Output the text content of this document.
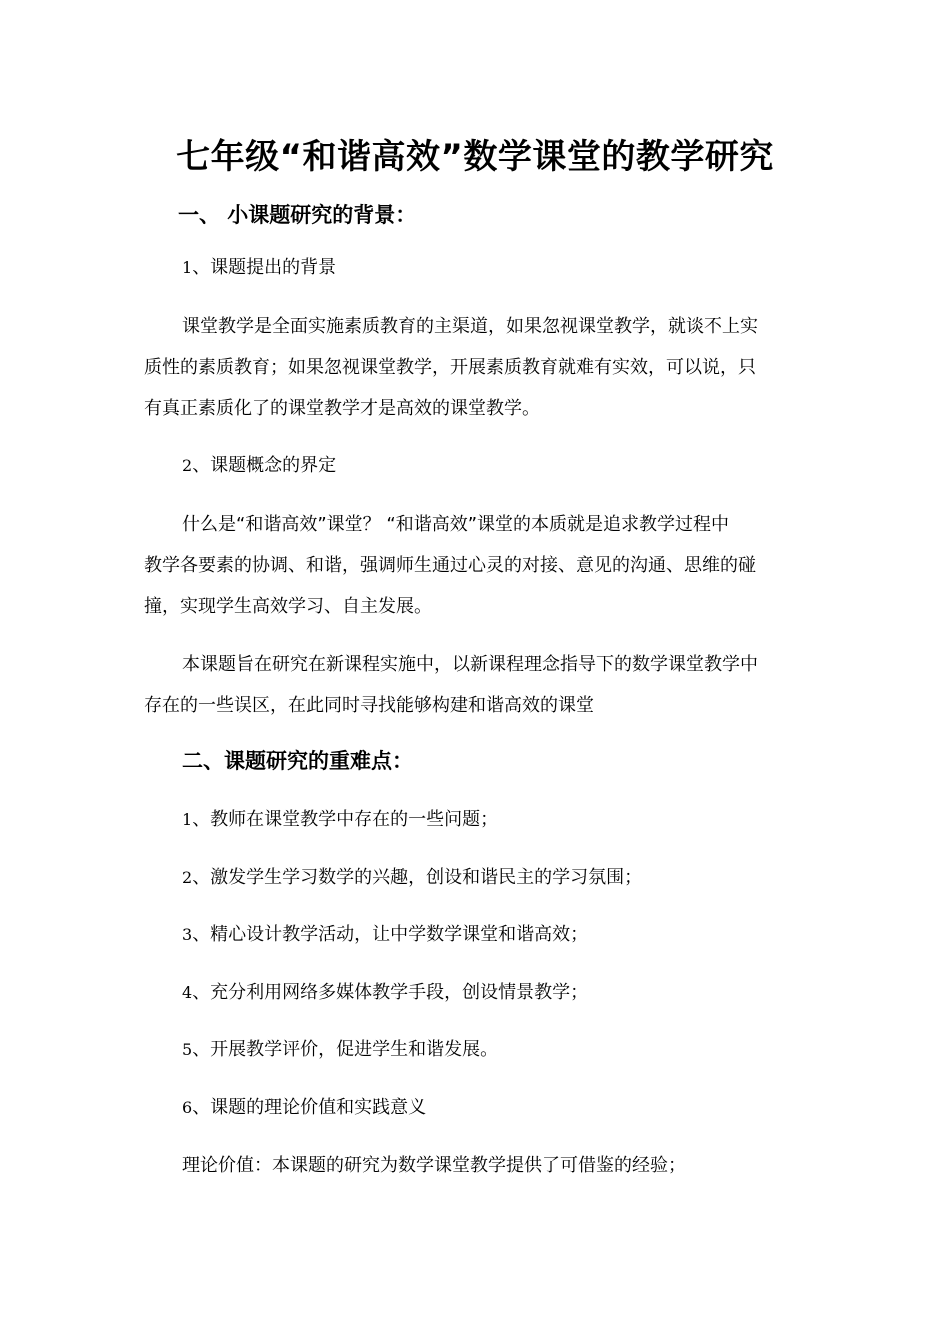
七年级“和谐高效”数学课堂的教学研究
一、 小课题研究的背景：
1、课题提出的背景
课堂教学是全面实施素质教育的主渠道，如果忽视课堂教学，就谈不上实
质性的素质教育；如果忽视课堂教学，开展素质教育就难有实效，可以说，只
有真正素质化了的课堂教学才是高效的课堂教学。
2、课题概念的界定
什么是“和谐高效”课堂？ “和谐高效”课堂的本质就是追求教学过程中
教学各要素的协调、和谐，强调师生通过心灵的对接、意见的沟通、思维的碰
撞，实现学生高效学习、自主发展。
本课题旨在研究在新课程实施中，以新课程理念指导下的数学课堂教学中
存在的一些误区，在此同时寻找能够构建和谐高效的课堂
二、课题研究的重难点：
1、教师在课堂教学中存在的一些问题；
2、激发学生学习数学的兴趣，创设和谐民主的学习氛围；
3、精心设计教学活动，让中学数学课堂和谐高效；
4、充分利用网络多媒体教学手段，创设情景教学；
5、开展教学评价，促进学生和谐发展。
6、课题的理论价值和实践意义
理论价值：本课题的研究为数学课堂教学提供了可借鉴的经验；
